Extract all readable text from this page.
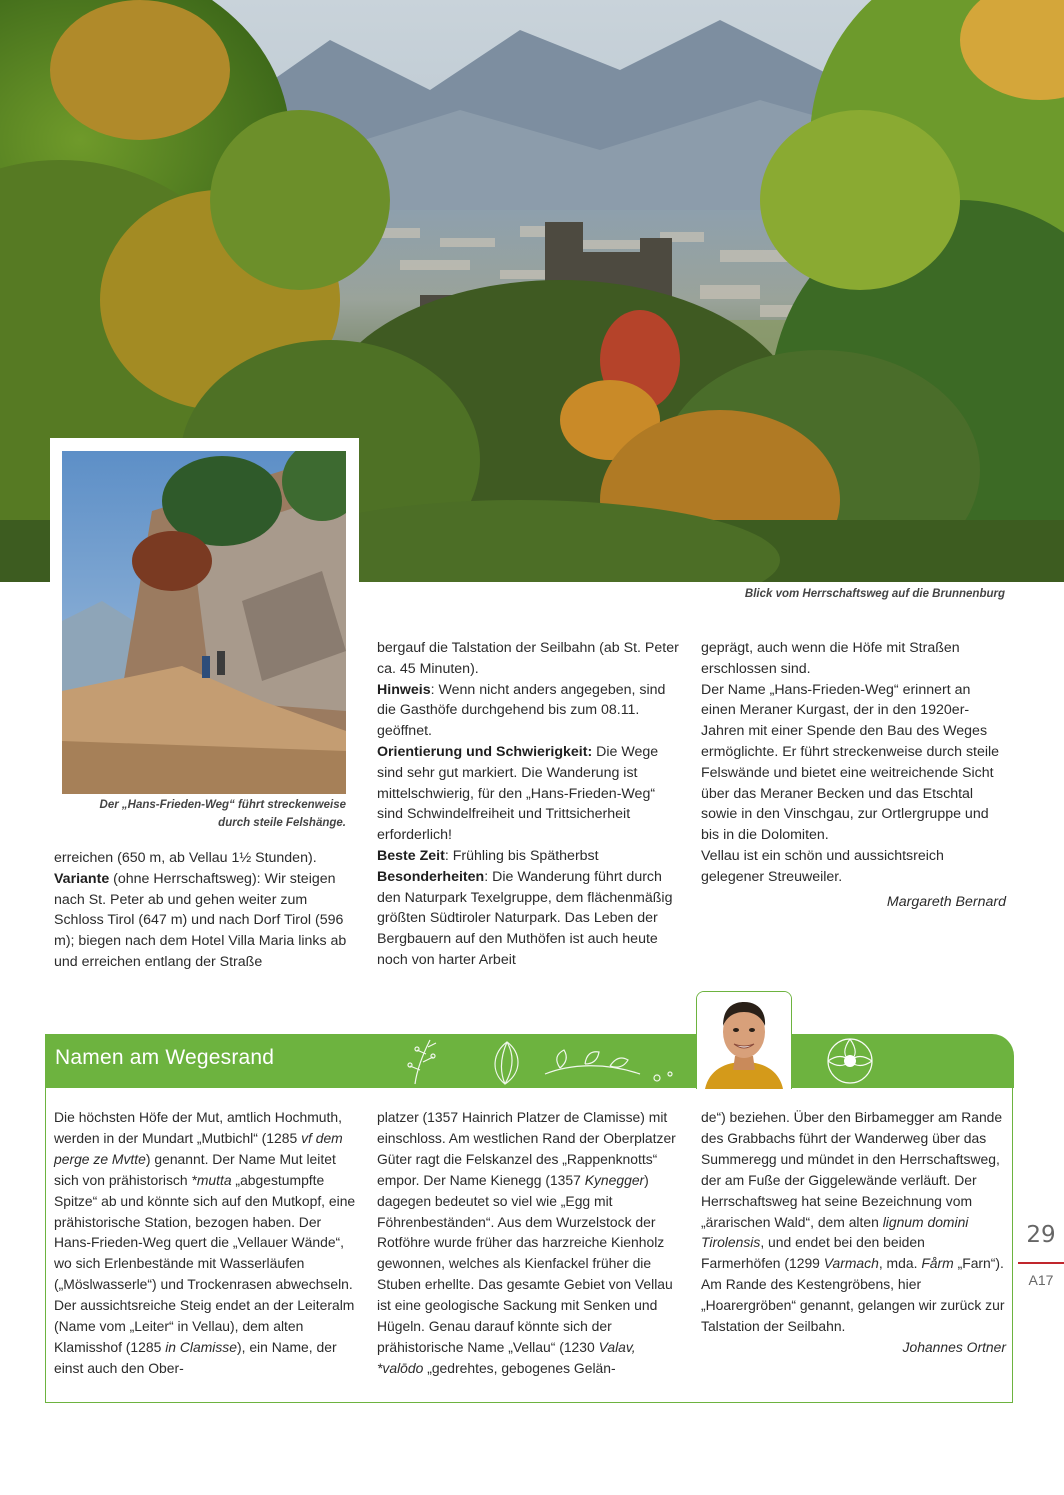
Der „Hans-Frieden-Weg“ führt streckenweise
durch steile Felshänge.
Blick vom Herrschaftsweg auf die Brunnenburg

erreichen (650 m, ab Vellau 1½ Stunden).

Variante (ohne Herrschaftsweg): Wir steigen nach St. Peter ab und gehen weiter zum Schloss Tirol (647 m) und nach Dorf Tirol (596 m); biegen nach dem Hotel Villa Maria links ab und erreichen entlang der Straße

bergauf die Talstation der Seilbahn (ab St. Peter ca. 45 Minuten).

Hinweis: Wenn nicht anders angegeben, sind die Gasthöfe durchgehend bis zum 08.11. geöffnet.

Orientierung und Schwierigkeit: Die Wege sind sehr gut markiert. Die Wanderung ist mittelschwierig, für den „Hans-Frieden-Weg“ sind Schwindelfreiheit und Trittsicherheit erforderlich!

Beste Zeit: Frühling bis Spätherbst

Besonderheiten: Die Wanderung führt durch den Naturpark Texelgruppe, dem flächenmäßig größten Südtiroler Naturpark. Das Leben der Bergbauern auf den Muthöfen ist auch heute noch von harter Arbeit

geprägt, auch wenn die Höfe mit Straßen erschlossen sind.

Der Name „Hans-Frieden-Weg“ erinnert an einen Meraner Kurgast, der in den 1920er-Jahren mit einer Spende den Bau des Weges ermöglichte. Er führt streckenweise durch steile Felswände und bietet eine weitreichende Sicht über das Meraner Becken und das Etschtal sowie in den Vinschgau, zur Ortlergruppe und bis in die Dolomiten.

Vellau ist ein schön und aussichtsreich gelegener Streuweiler.

Margareth Bernard

Namen am Wegesrand
Die höchsten Höfe der Mut, amtlich Hochmuth, werden in der Mundart „Mutbichl“ (1285 vf dem perge ze Mvtte) genannt. Der Name Mut leitet sich von prähistorisch *mutta „abgestumpfte Spitze“ ab und könnte sich auf den Mutkopf, eine prähistorische Station, bezogen haben. Der Hans-Frieden-Weg quert die „Vellauer Wände“, wo sich Erlenbestände mit Wasserläufen („Möslwasserle“) und Trockenrasen abwechseln. Der aussichtsreiche Steig endet an der Leiteralm (Name vom „Leiter“ in Vellau), dem alten Klamisshof (1285 in Clamisse), ein Name, der einst auch den Ober-
platzer (1357 Hainrich Platzer de Clamisse) mit einschloss. Am westlichen Rand der Oberplatzer Güter ragt die Felskanzel des „Rappenknotts“ empor. Der Name Kienegg (1357 Kynegger) dagegen bedeutet so viel wie „Egg mit Föhrenbeständen“. Aus dem Wurzelstock der Rotföhre wurde früher das harzreiche Kienholz gewonnen, welches als Kienfackel früher die Stuben erhellte. Das gesamte Gebiet von Vellau ist eine geologische Sackung mit Senken und Hügeln. Genau darauf könnte sich der prähistorische Name „Vellau“ (1230 Valav, *valōdo „gedrehtes, gebogenes Gelän-
de“) beziehen. Über den Birbamegger am Rande des Grabbachs führt der Wanderweg über das Summeregg und mündet in den Herrschaftsweg, der am Fuße der Giggelewände verläuft. Der Herrschaftsweg hat seine Bezeichnung vom „ärarischen Wald“, dem alten lignum domini Tirolensis, und endet bei den beiden Farmerhöfen (1299 Varmach, mda. Fårm „Farn“). Am Rande des Kestengröbens, hier „Hoarergröben“ genannt, gelangen wir zurück zur Talstation der Seilbahn.
Johannes Ortner
29
A17
